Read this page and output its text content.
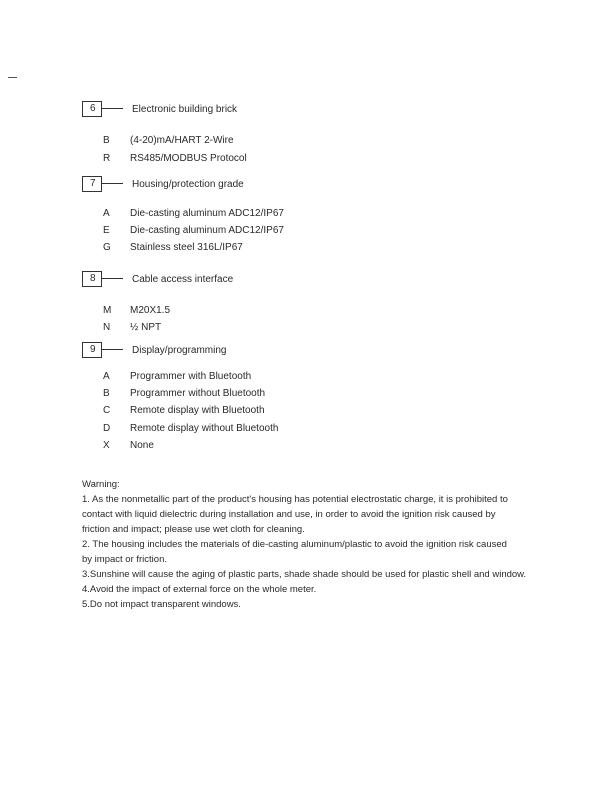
6	Electronic building brick
B	(4-20)mA/HART 2-Wire
R	RS485/MODBUS Protocol
7	Housing/protection grade
A	Die-casting aluminum ADC12/IP67
E	Die-casting aluminum ADC12/IP67
G	Stainless steel 316L/IP67
8	Cable access interface
M	M20X1.5
N	½ NPT
9	Display/programming
A	Programmer with Bluetooth
B	Programmer without Bluetooth
C	Remote display with Bluetooth
D	Remote display without Bluetooth
X	None
Warning:
1. As the nonmetallic part of the product's housing has potential electrostatic charge, it is prohibited to
contact with liquid dielectric during installation and use, in order to avoid the ignition risk caused by
friction and impact; please use wet cloth for cleaning.
2. The housing includes the materials of die-casting aluminum/plastic to avoid the ignition risk caused
by impact or friction.
3.Sunshine will cause the aging of plastic parts, shade shade should be used for plastic shell and window.
4.Avoid the impact of external force on the whole meter.
5.Do not impact transparent windows.
